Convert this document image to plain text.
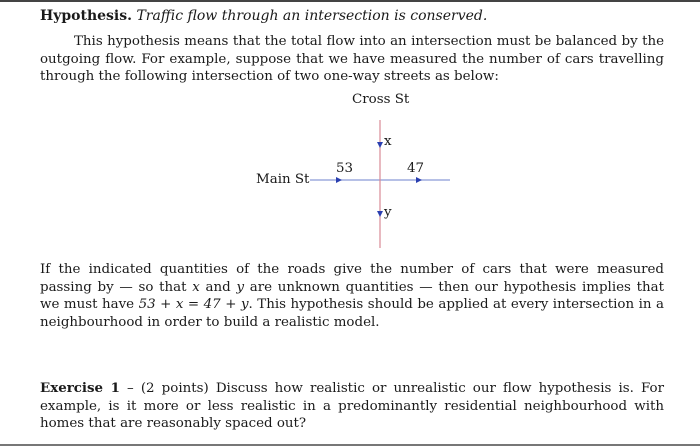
Hypothesis. Traffic flow through an intersection is conserved.
This hypothesis means that the total flow into an intersection must be balanced by the outgoing flow. For example, suppose that we have measured the number of cars travelling through the following intersection of two one-way streets as below:
Cross St
Main St
53	47
x
y
If the indicated quantities of the roads give the number of cars that were measured passing by — so that x and y are unknown quantities — then our hypothesis implies that we must have 53 + x = 47 + y. This hypothesis should be applied at every intersection in a neighbourhood in order to build a realistic model.
Exercise 1 – (2 points) Discuss how realistic or unrealistic our flow hypothesis is. For example, is it more or less realistic in a predominantly residential neighbourhood with homes that are reasonably spaced out?
